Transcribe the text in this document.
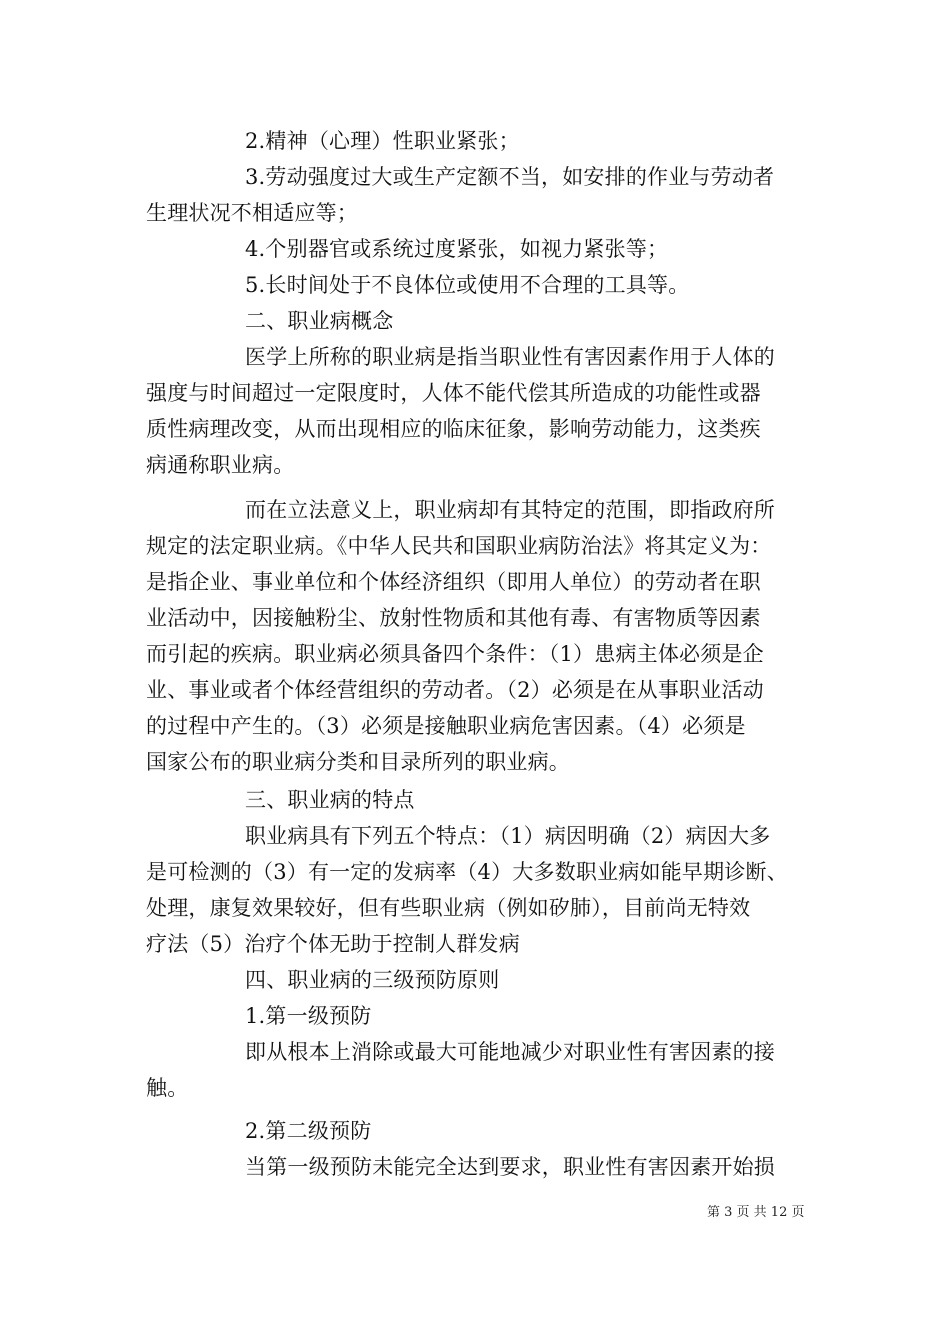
2.精神（心理）性职业紧张；
3.劳动强度过大或生产定额不当，如安排的作业与劳动者
生理状况不相适应等；
4.个别器官或系统过度紧张，如视力紧张等；
5.长时间处于不良体位或使用不合理的工具等。
二、职业病概念
医学上所称的职业病是指当职业性有害因素作用于人体的
强度与时间超过一定限度时，人体不能代偿其所造成的功能性或器
质性病理改变，从而出现相应的临床征象，影响劳动能力，这类疾
病通称职业病。
而在立法意义上，职业病却有其特定的范围，即指政府所
规定的法定职业病。《中华人民共和国职业病防治法》将其定义为：
是指企业、事业单位和个体经济组织（即用人单位）的劳动者在职
业活动中，因接触粉尘、放射性物质和其他有毒、有害物质等因素
而引起的疾病。职业病必须具备四个条件：（1）患病主体必须是企
业、事业或者个体经营组织的劳动者。（2）必须是在从事职业活动
的过程中产生的。（3）必须是接触职业病危害因素。（4）必须是
国家公布的职业病分类和目录所列的职业病。
三、职业病的特点
职业病具有下列五个特点：（1）病因明确（2）病因大多
是可检测的（3）有一定的发病率（4）大多数职业病如能早期诊断、
处理，康复效果较好，但有些职业病（例如矽肺），目前尚无特效
疗法（5）治疗个体无助于控制人群发病
四、职业病的三级预防原则
1.第一级预防
即从根本上消除或最大可能地减少对职业性有害因素的接
触。
2.第二级预防
当第一级预防未能完全达到要求，职业性有害因素开始损
第 3 页 共 12 页
